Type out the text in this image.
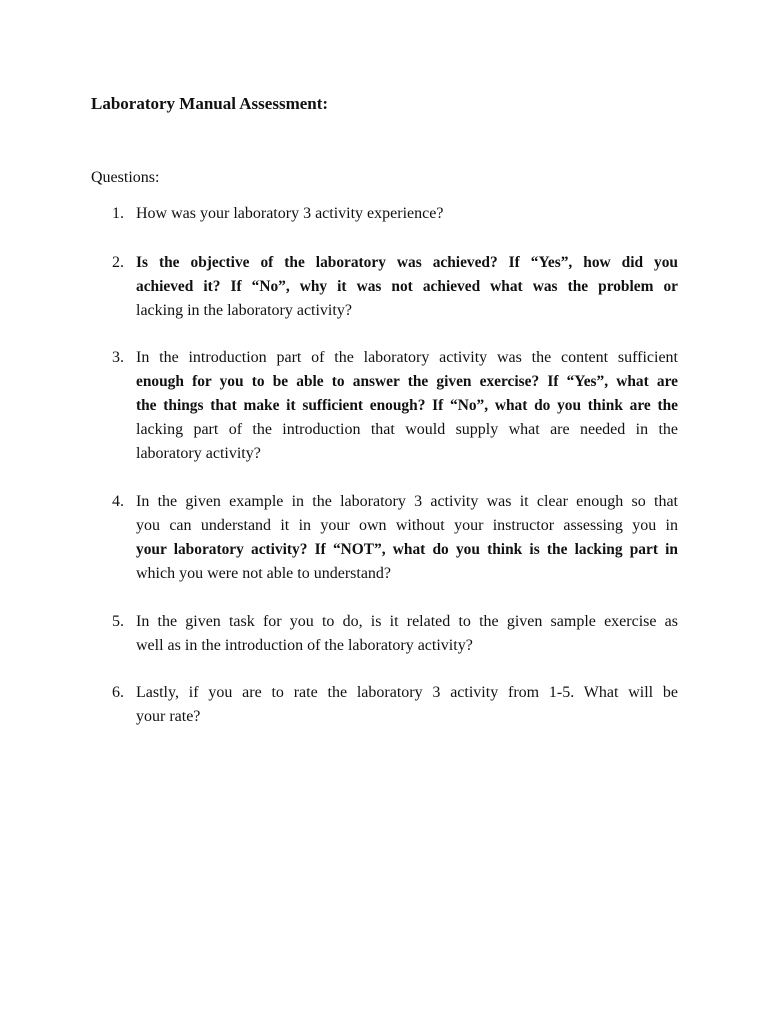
Laboratory Manual Assessment:

Questions:

1. How was your laboratory 3 activity experience?
2. Is the objective of the laboratory was achieved? If “Yes”, how did you
achieved it? If “No”, why it was not achieved what was the problem or
lacking in the laboratory activity?
3. In the introduction part of the laboratory activity was the content sufficient
enough for you to be able to answer the given exercise? If “Yes”, what are
the things that make it sufficient enough? If “No”, what do you think are the
lacking part of the introduction that would supply what are needed in the
laboratory activity?
4. In the given example in the laboratory 3 activity was it clear enough so that
you can understand it in your own without your instructor assessing you in
your laboratory activity? If “NOT”, what do you think is the lacking part in
which you were not able to understand?
5. In the given task for you to do, is it related to the given sample exercise as
well as in the introduction of the laboratory activity?
6. Lastly, if you are to rate the laboratory 3 activity from 1-5. What will be
your rate?
